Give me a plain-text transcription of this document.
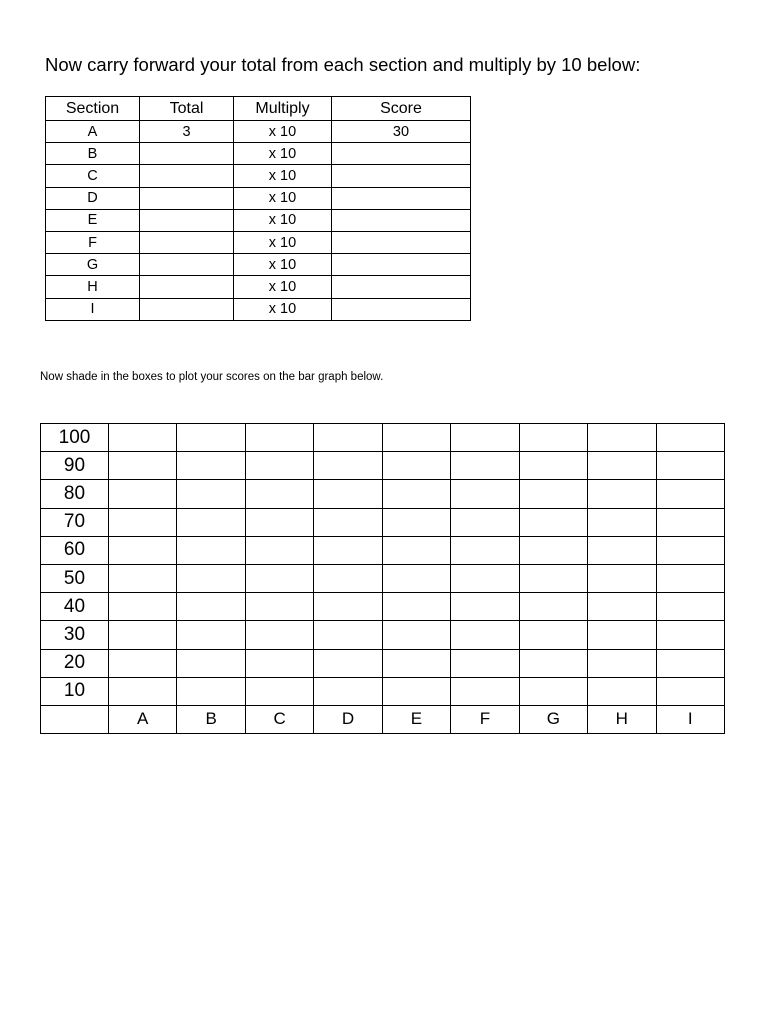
Now carry forward your total from each section and multiply by 10 below:
Section	Total	Multiply	Score
A	3	x 10	30
B		x 10	
C		x 10	
D		x 10	
E		x 10	
F		x 10	
G		x 10	
H		x 10	
I		x 10	
Now shade in the boxes to plot your scores on the bar graph below.
100									
90									
80									
70									
60									
50									
40									
30									
20									
10									
	A	B	C	D	E	F	G	H	I
